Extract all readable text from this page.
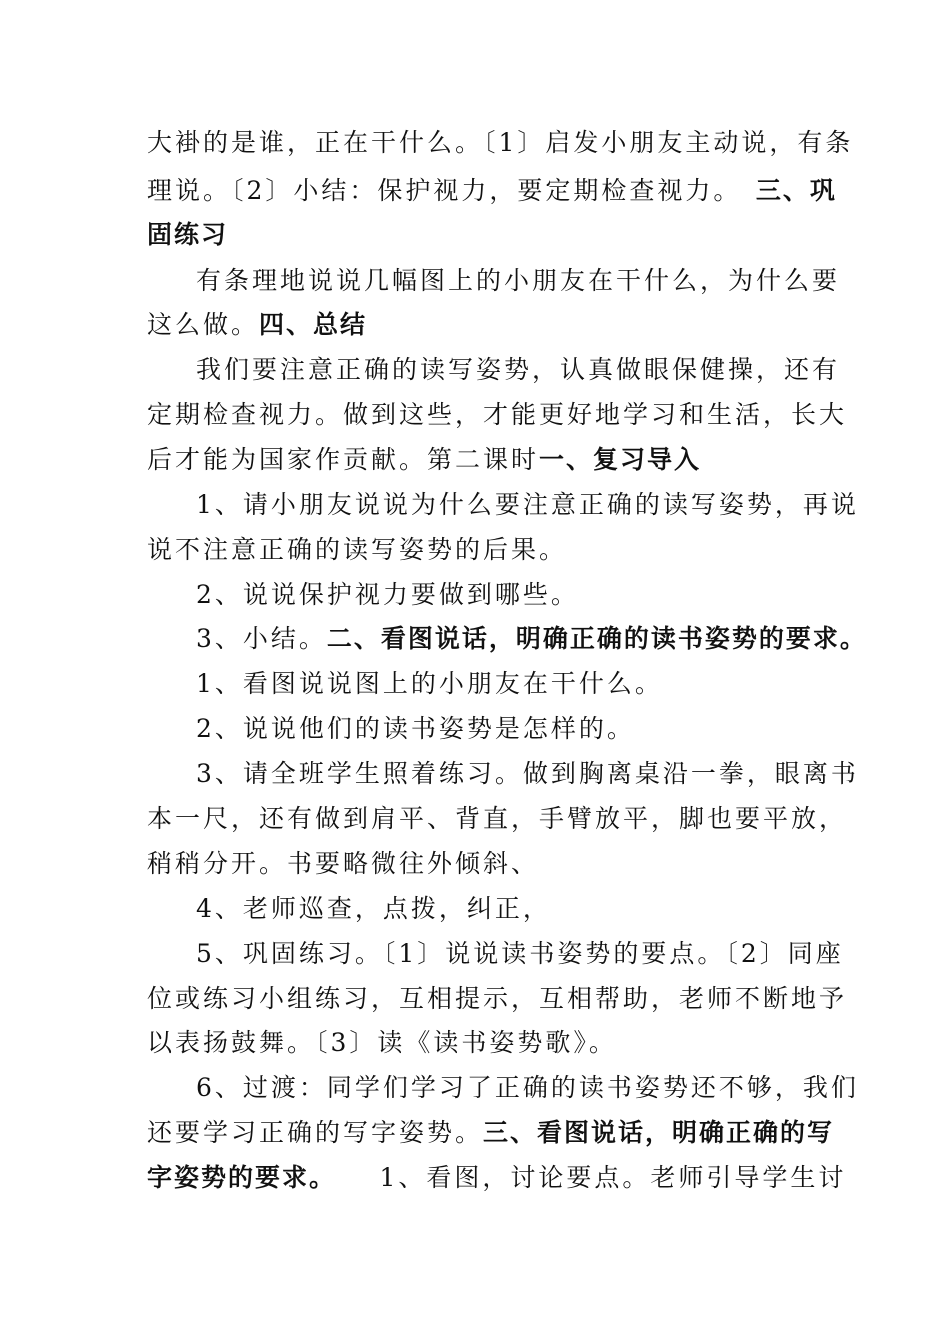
大褂的是谁，正在干什么。〔1〕启发小朋友主动说，有条
理说。〔2〕小结：保护视力，要定期检查视力。　三、巩
固练习
有条理地说说几幅图上的小朋友在干什么，为什么要
这么做。四、总结
我们要注意正确的读写姿势，认真做眼保健操，还有
定期检查视力。做到这些，才能更好地学习和生活，长大
后才能为国家作贡献。第二课时一、复习导入
1、请小朋友说说为什么要注意正确的读写姿势，再说
说不注意正确的读写姿势的后果。
2、说说保护视力要做到哪些。
3、小结。二、看图说话，明确正确的读书姿势的要求。
1、看图说说图上的小朋友在干什么。
2、说说他们的读书姿势是怎样的。
3、请全班学生照着练习。做到胸离桌沿一拳，眼离书
本一尺，还有做到肩平、背直，手臂放平，脚也要平放，
稍稍分开。书要略微往外倾斜、
4、老师巡查，点拨，纠正，
5、巩固练习。〔1〕说说读书姿势的要点。〔2〕同座
位或练习小组练习，互相提示，互相帮助，老师不断地予
以表扬鼓舞。〔3〕读《读书姿势歌》。
6、过渡：同学们学习了正确的读书姿势还不够，我们
还要学习正确的写字姿势。三、看图说话，明确正确的写
字姿势的要求。　　1、看图，讨论要点。老师引导学生讨
